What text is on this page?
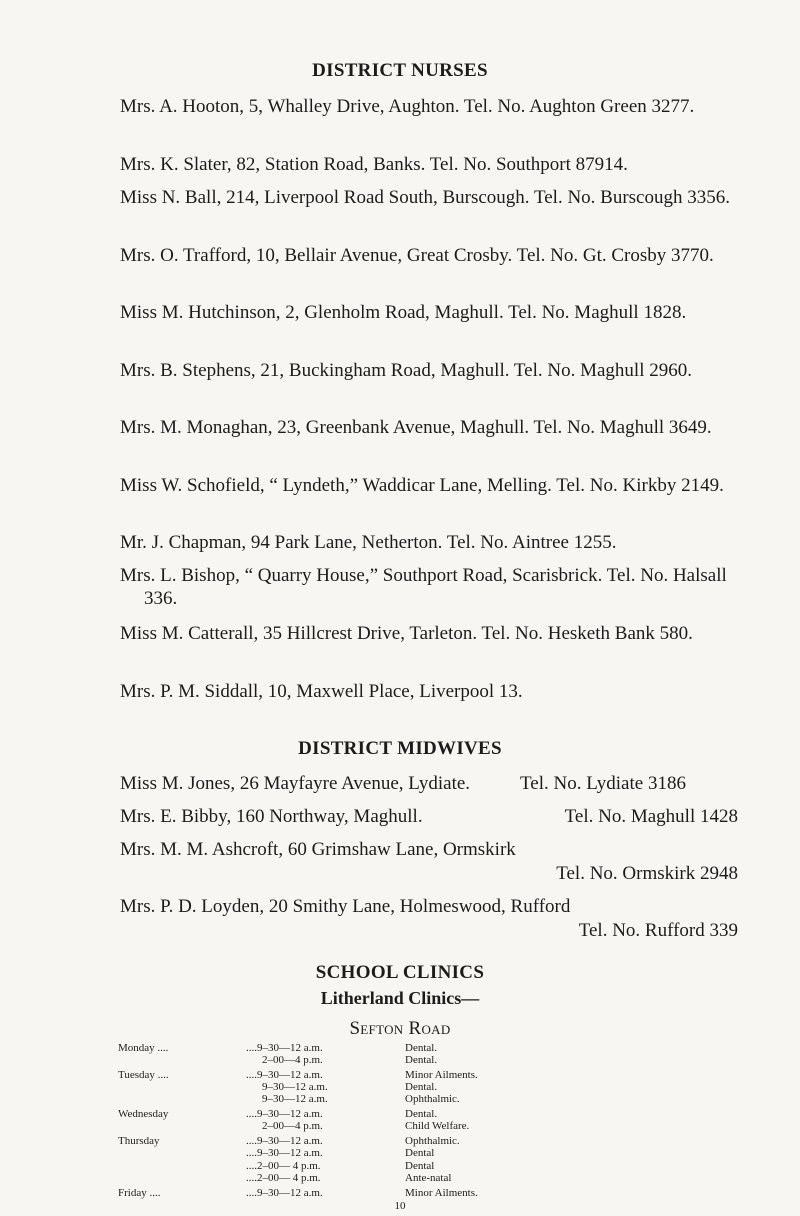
DISTRICT NURSES
Mrs. A. Hooton, 5, Whalley Drive, Aughton. Tel. No. Aughton Green 3277.
Mrs. K. Slater, 82, Station Road, Banks. Tel. No. Southport 87914.
Miss N. Ball, 214, Liverpool Road South, Burscough. Tel. No. Burscough 3356.
Mrs. O. Trafford, 10, Bellair Avenue, Great Crosby. Tel. No. Gt. Crosby 3770.
Miss M. Hutchinson, 2, Glenholm Road, Maghull. Tel. No. Maghull 1828.
Mrs. B. Stephens, 21, Buckingham Road, Maghull. Tel. No. Maghull 2960.
Mrs. M. Monaghan, 23, Greenbank Avenue, Maghull. Tel. No. Maghull 3649.
Miss W. Schofield, “ Lyndeth,” Waddicar Lane, Melling. Tel. No. Kirkby 2149.
Mr. J. Chapman, 94 Park Lane, Netherton. Tel. No. Aintree 1255.
Mrs. L. Bishop, “ Quarry House,” Southport Road, Scarisbrick. Tel. No. Halsall 336.
Miss M. Catterall, 35 Hillcrest Drive, Tarleton. Tel. No. Hesketh Bank 580.
Mrs. P. M. Siddall, 10, Maxwell Place, Liverpool 13.
DISTRICT MIDWIVES
Miss M. Jones, 26 Mayfayre Avenue, Lydiate.	Tel. No. Lydiate 3186
Mrs. E. Bibby, 160 Northway, Maghull.	Tel. No. Maghull 1428
Mrs. M. M. Ashcroft, 60 Grimshaw Lane, Ormskirk
Tel. No. Ormskirk 2948
Mrs. P. D. Loyden, 20 Smithy Lane, Holmeswood, Rufford
Tel. No. Rufford 339
SCHOOL CLINICS
Litherland Clinics—
Sefton Road
Monday ....
Tuesday ....
Wednesday
....9–30—12 a.m.
2–00—4 p.m.
....9–30—12 a.m.
9–30—12 a.m.
9–30—12 a.m.
....9–30—12 a.m.
2–00—4 p.m.
Dental.
Dental.
Minor Ailments.
Dental.
Ophthalmic.
Dental.
Child Welfare.
Thursday
Friday ....
....9–30—12 a.m.
....9–30—12 a.m.
....2–00— 4 p.m.
....2–00— 4 p.m.
....9–30—12 a.m.
Ophthalmic.
Dental
Dental
Ante-natal
Minor Ailments.
10
